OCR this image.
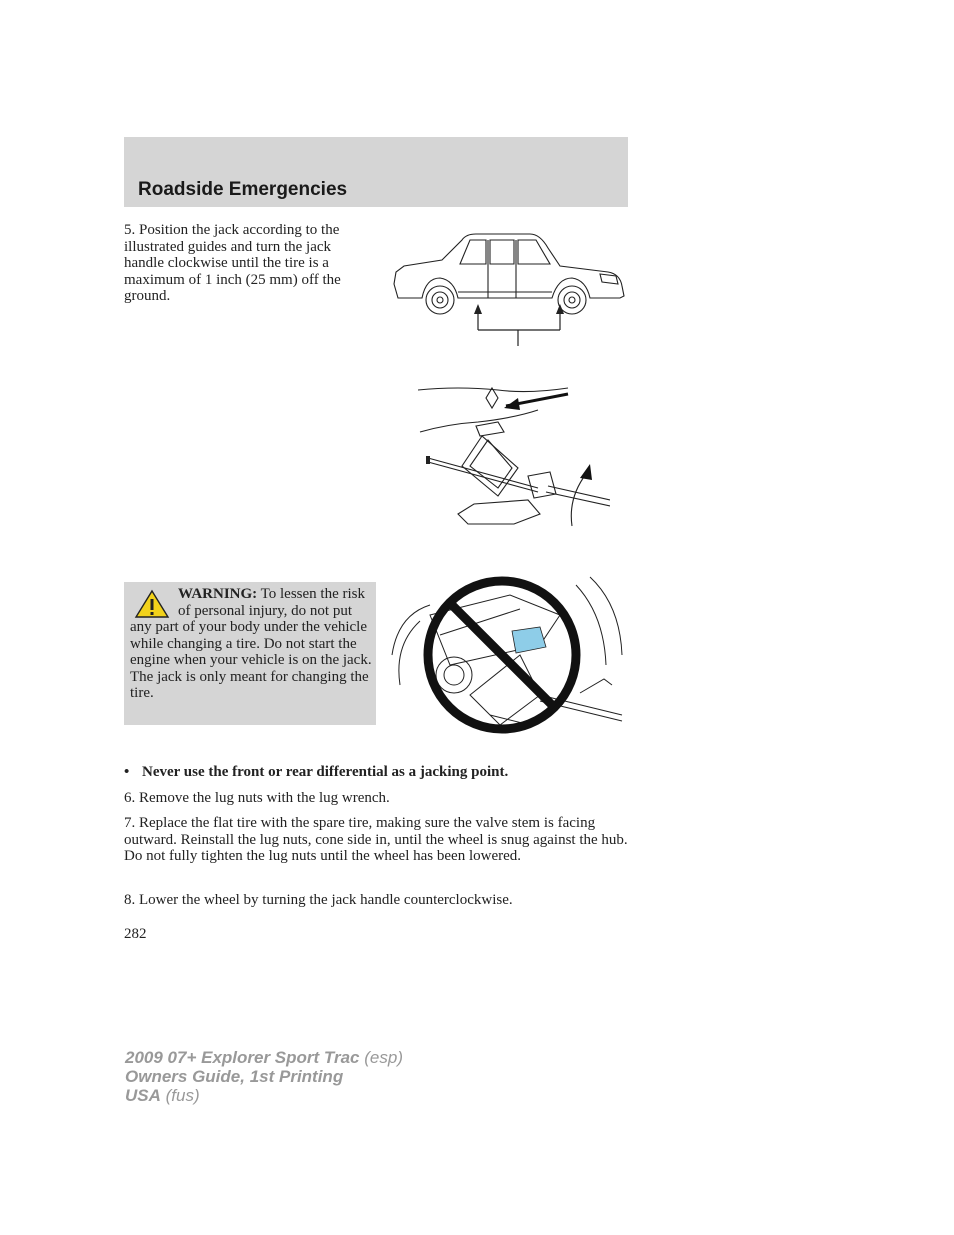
Roadside Emergencies
5. Position the jack according to the illustrated guides and turn the jack handle clockwise until the tire is a maximum of 1 inch (25 mm) off the ground.
WARNING: To lessen the risk of personal injury, do not put any part of your body under the vehicle while changing a tire. Do not start the engine when your vehicle is on the jack. The jack is only meant for changing the tire.
• Never use the front or rear differential as a jacking point.
6. Remove the lug nuts with the lug wrench.
7. Replace the flat tire with the spare tire, making sure the valve stem is facing outward. Reinstall the lug nuts, cone side in, until the wheel is snug against the hub. Do not fully tighten the lug nuts until the wheel has been lowered.
8. Lower the wheel by turning the jack handle counterclockwise.
282
2009 07+ Explorer Sport Trac (esp)
Owners Guide, 1st Printing
USA (fus)
